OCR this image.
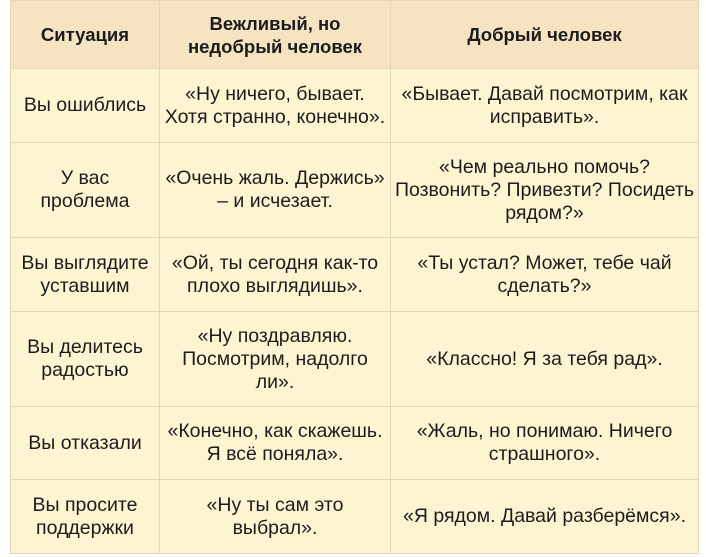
Ситуация	Вежливый, но недобрый человек	Добрый человек
Вы ошиблись	«Ну ничего, бывает. Хотя странно, конечно».	«Бывает. Давай посмотрим, как исправить».
У вас проблема	«Очень жаль. Держись» – и исчезает.	«Чем реально помочь? Позвонить? Привезти? Посидеть рядом?»
Вы выглядите уставшим	«Ой, ты сегодня как-то плохо выглядишь».	«Ты устал? Может, тебе чай сделать?»
Вы делитесь радостью	«Ну поздравляю. Посмотрим, надолго ли».	«Классно! Я за тебя рад».
Вы отказали	«Конечно, как скажешь. Я всё поняла».	«Жаль, но понимаю. Ничего страшного».
Вы просите поддержки	«Ну ты сам это выбрал».	«Я рядом. Давай разберёмся».
